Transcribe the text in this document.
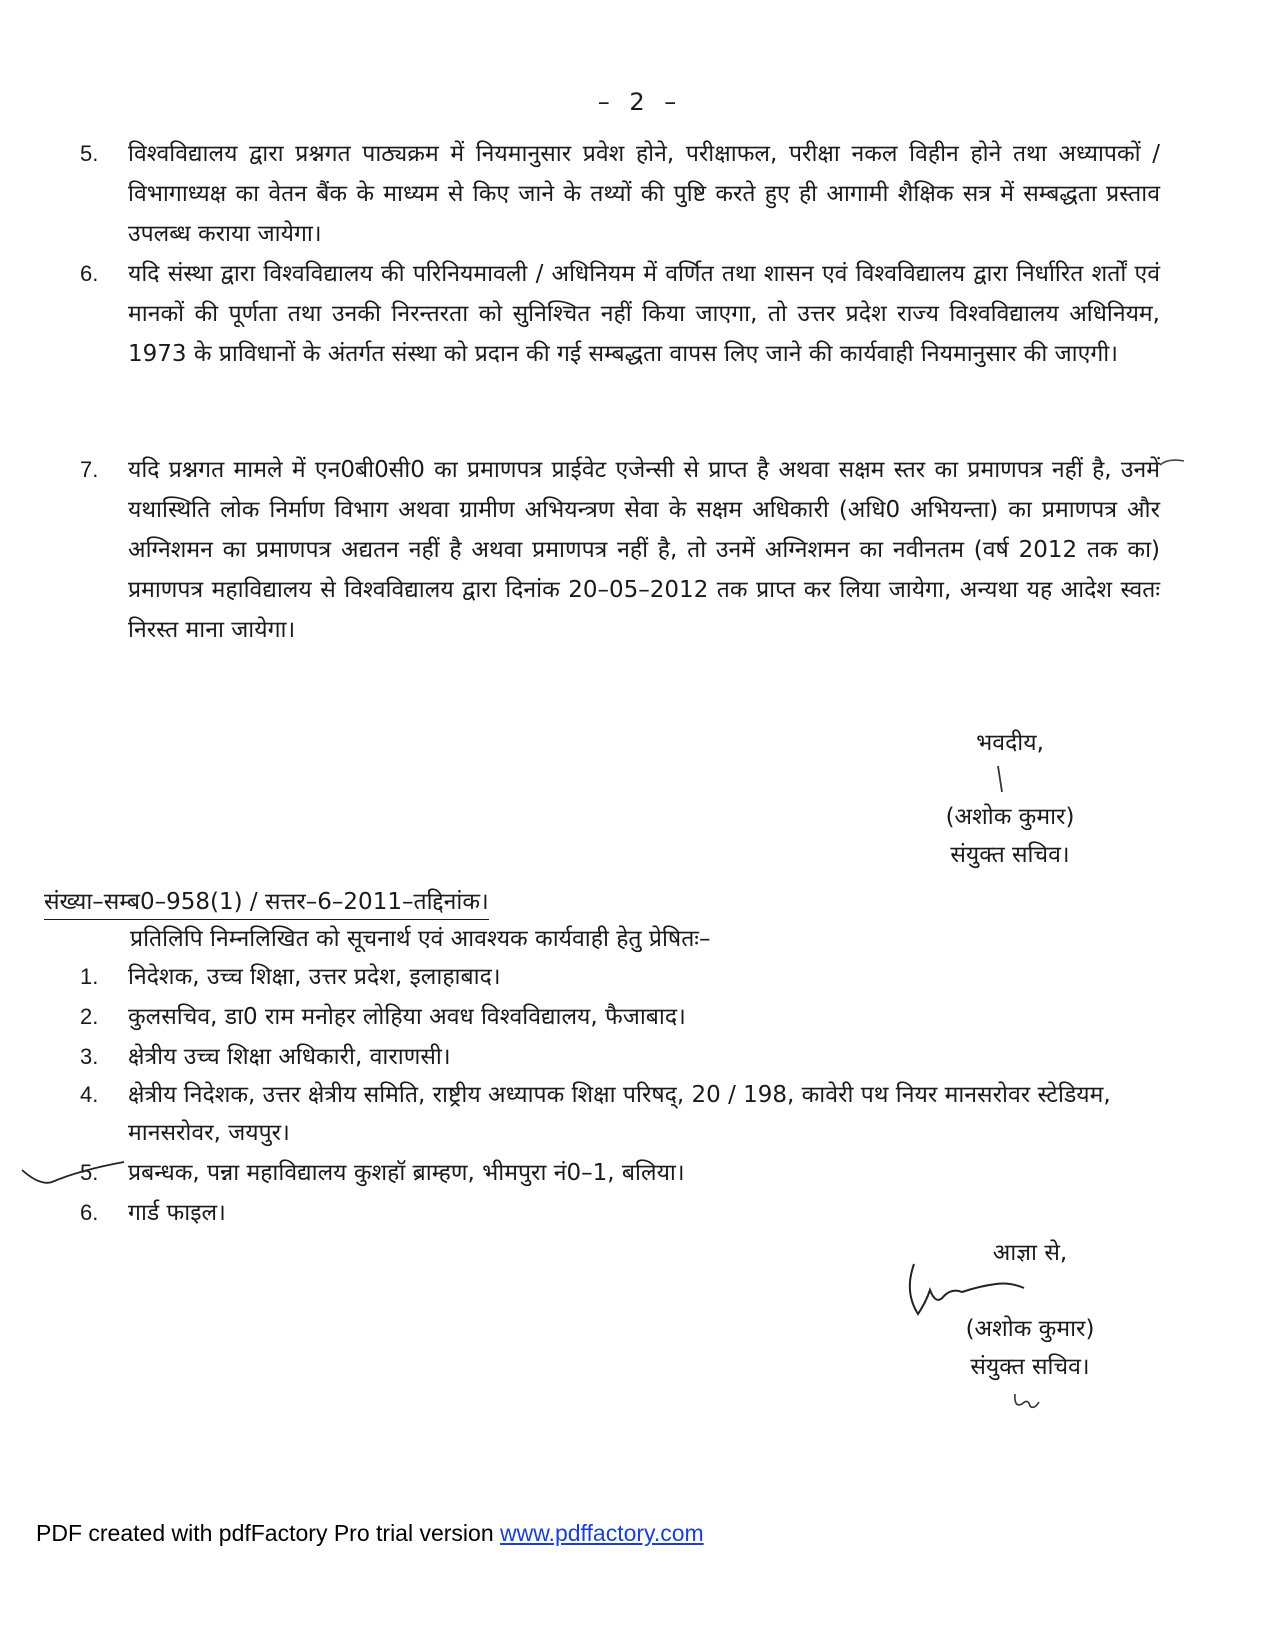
– 2 –
5.	विश्वविद्यालय द्वारा प्रश्नगत पाठ्यक्रम में नियमानुसार प्रवेश होने, परीक्षाफल, परीक्षा नकल विहीन होने तथा अध्यापकों / विभागाध्यक्ष का वेतन बैंक के माध्यम से किए जाने के तथ्यों की पुष्टि करते हुए ही आगामी शैक्षिक सत्र में सम्बद्धता प्रस्ताव उपलब्ध कराया जायेगा।
6.	यदि संस्था द्वारा विश्वविद्यालय की परिनियमावली / अधिनियम में वर्णित तथा शासन एवं विश्वविद्यालय द्वारा निर्धारित शर्तों एवं मानकों की पूर्णता तथा उनकी निरन्तरता को सुनिश्चित नहीं किया जाएगा, तो उत्तर प्रदेश राज्य विश्वविद्यालय अधिनियम, 1973 के प्राविधानों के अंतर्गत संस्था को प्रदान की गई सम्बद्धता वापस लिए जाने की कार्यवाही नियमानुसार की जाएगी।
7.	यदि प्रश्नगत मामले में एन0बी0सी0 का प्रमाणपत्र प्राईवेट एजेन्सी से प्राप्त है अथवा सक्षम स्तर का प्रमाणपत्र नहीं है, उनमें यथास्थिति लोक निर्माण विभाग अथवा ग्रामीण अभियन्त्रण सेवा के सक्षम अधिकारी (अधि0 अभियन्ता) का प्रमाणपत्र और अग्निशमन का प्रमाणपत्र अद्यतन नहीं है अथवा प्रमाणपत्र नहीं है, तो उनमें अग्निशमन का नवीनतम (वर्ष 2012 तक का) प्रमाणपत्र महाविद्यालय से विश्वविद्यालय द्वारा दिनांक 20–05–2012 तक प्राप्त कर लिया जायेगा, अन्यथा यह आदेश स्वतः निरस्त माना जायेगा।
भवदीय,
(अशोक कुमार)
संयुक्त सचिव।
संख्या–सम्ब0–958(1) / सत्तर–6–2011–तद्दिनांक।
प्रतिलिपि निम्नलिखित को सूचनार्थ एवं आवश्यक कार्यवाही हेतु प्रेषितः–
1. निदेशक, उच्च शिक्षा, उत्तर प्रदेश, इलाहाबाद।
2. कुलसचिव, डा0 राम मनोहर लोहिया अवध विश्वविद्यालय, फैजाबाद।
3. क्षेत्रीय उच्च शिक्षा अधिकारी, वाराणसी।
4. क्षेत्रीय निदेशक, उत्तर क्षेत्रीय समिति, राष्ट्रीय अध्यापक शिक्षा परिषद्, 20 / 198, कावेरी पथ नियर मानसरोवर स्टेडियम, मानसरोवर, जयपुर।
5. प्रबन्धक, पन्ना महाविद्यालय कुशहॉ ब्राम्हण, भीमपुरा नं0–1, बलिया।
6. गार्ड फाइल।
आज्ञा से,
(अशोक कुमार)
संयुक्त सचिव।
PDF created with pdfFactory Pro trial version www.pdffactory.com
